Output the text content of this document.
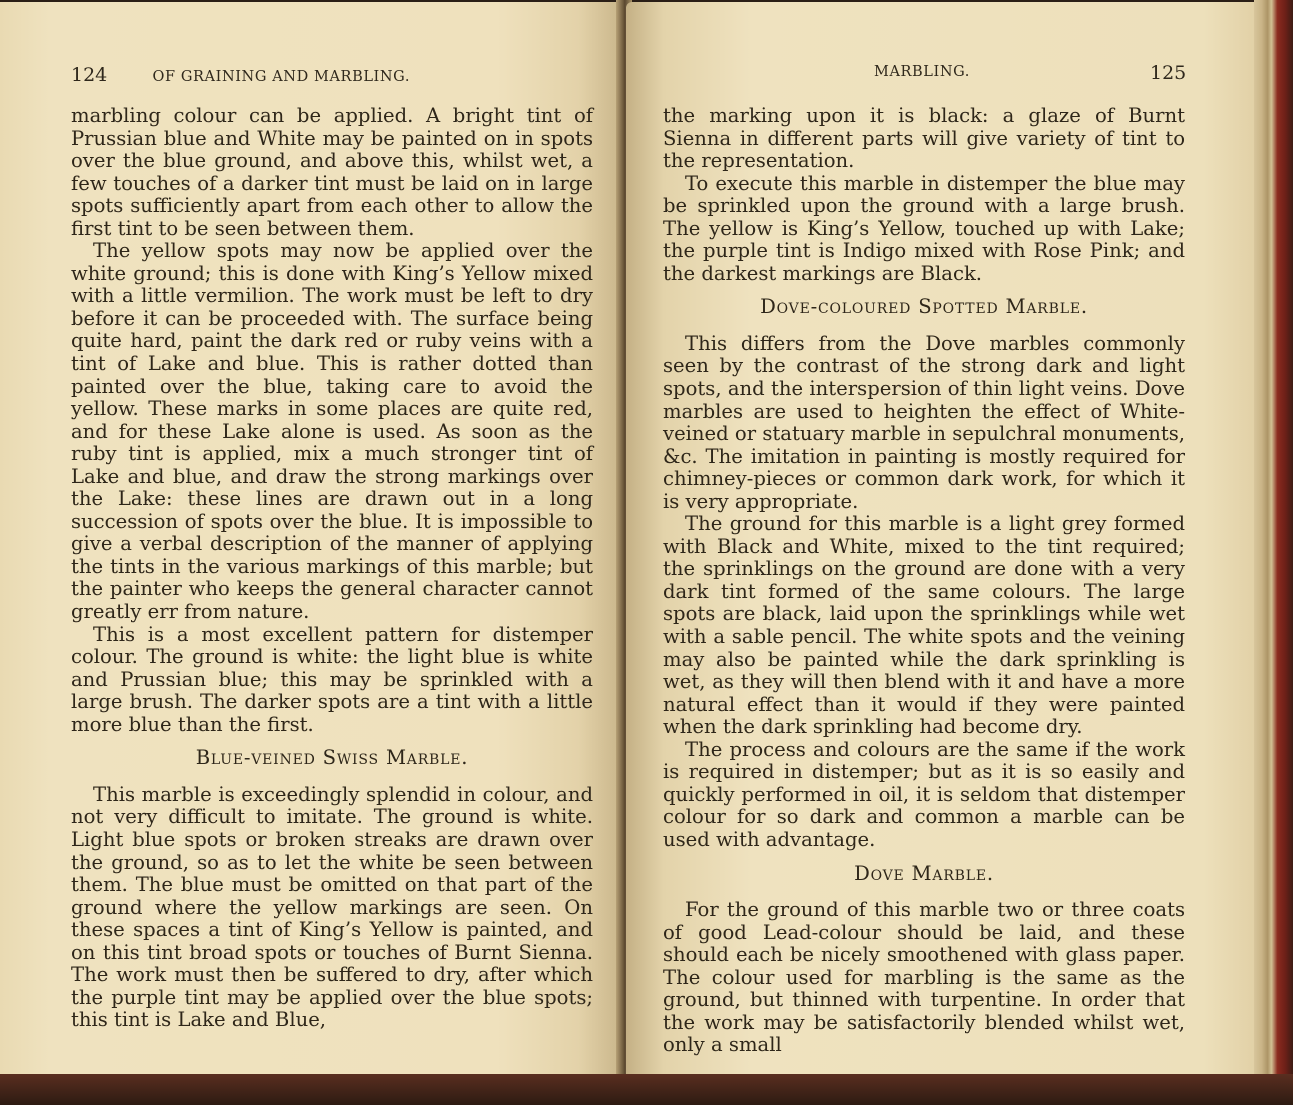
124	OF GRAINING AND MARBLING.

marbling colour can be applied. A bright tint of Prussian blue and White may be painted on in spots over the blue ground, and above this, whilst wet, a few touches of a darker tint must be laid on in large spots sufficiently apart from each other to allow the first tint to be seen between them.

The yellow spots may now be applied over the white ground; this is done with King’s Yellow mixed with a little vermilion. The work must be left to dry before it can be proceeded with. The surface being quite hard, paint the dark red or ruby veins with a tint of Lake and blue. This is rather dotted than painted over the blue, taking care to avoid the yellow. These marks in some places are quite red, and for these Lake alone is used. As soon as the ruby tint is applied, mix a much stronger tint of Lake and blue, and draw the strong markings over the Lake: these lines are drawn out in a long succession of spots over the blue. It is impossible to give a verbal description of the manner of applying the tints in the various markings of this marble; but the painter who keeps the general character cannot greatly err from nature.

This is a most excellent pattern for distemper colour. The ground is white: the light blue is white and Prussian blue; this may be sprinkled with a large brush. The darker spots are a tint with a little more blue than the first.

Blue-veined Swiss Marble.

This marble is exceedingly splendid in colour, and not very difficult to imitate. The ground is white. Light blue spots or broken streaks are drawn over the ground, so as to let the white be seen between them. The blue must be omitted on that part of the ground where the yellow markings are seen. On these spaces a tint of King’s Yellow is painted, and on this tint broad spots or touches of Burnt Sienna. The work must then be suffered to dry, after which the purple tint may be applied over the blue spots; this tint is Lake and Blue,

MARBLING.	125

the marking upon it is black: a glaze of Burnt Sienna in different parts will give variety of tint to the representation.

To execute this marble in distemper the blue may be sprinkled upon the ground with a large brush. The yellow is King’s Yellow, touched up with Lake; the purple tint is Indigo mixed with Rose Pink; and the darkest markings are Black.

Dove-coloured Spotted Marble.

This differs from the Dove marbles commonly seen by the contrast of the strong dark and light spots, and the interspersion of thin light veins. Dove marbles are used to heighten the effect of White-veined or statuary marble in sepulchral monuments, &c. The imitation in painting is mostly required for chimney-pieces or common dark work, for which it is very appropriate.

The ground for this marble is a light grey formed with Black and White, mixed to the tint required; the sprinklings on the ground are done with a very dark tint formed of the same colours. The large spots are black, laid upon the sprinklings while wet with a sable pencil. The white spots and the veining may also be painted while the dark sprinkling is wet, as they will then blend with it and have a more natural effect than it would if they were painted when the dark sprinkling had become dry.

The process and colours are the same if the work is required in distemper; but as it is so easily and quickly performed in oil, it is seldom that distemper colour for so dark and common a marble can be used with advantage.

Dove Marble.

For the ground of this marble two or three coats of good Lead-colour should be laid, and these should each be nicely smoothened with glass paper. The colour used for marbling is the same as the ground, but thinned with turpentine. In order that the work may be satisfactorily blended whilst wet, only a small
